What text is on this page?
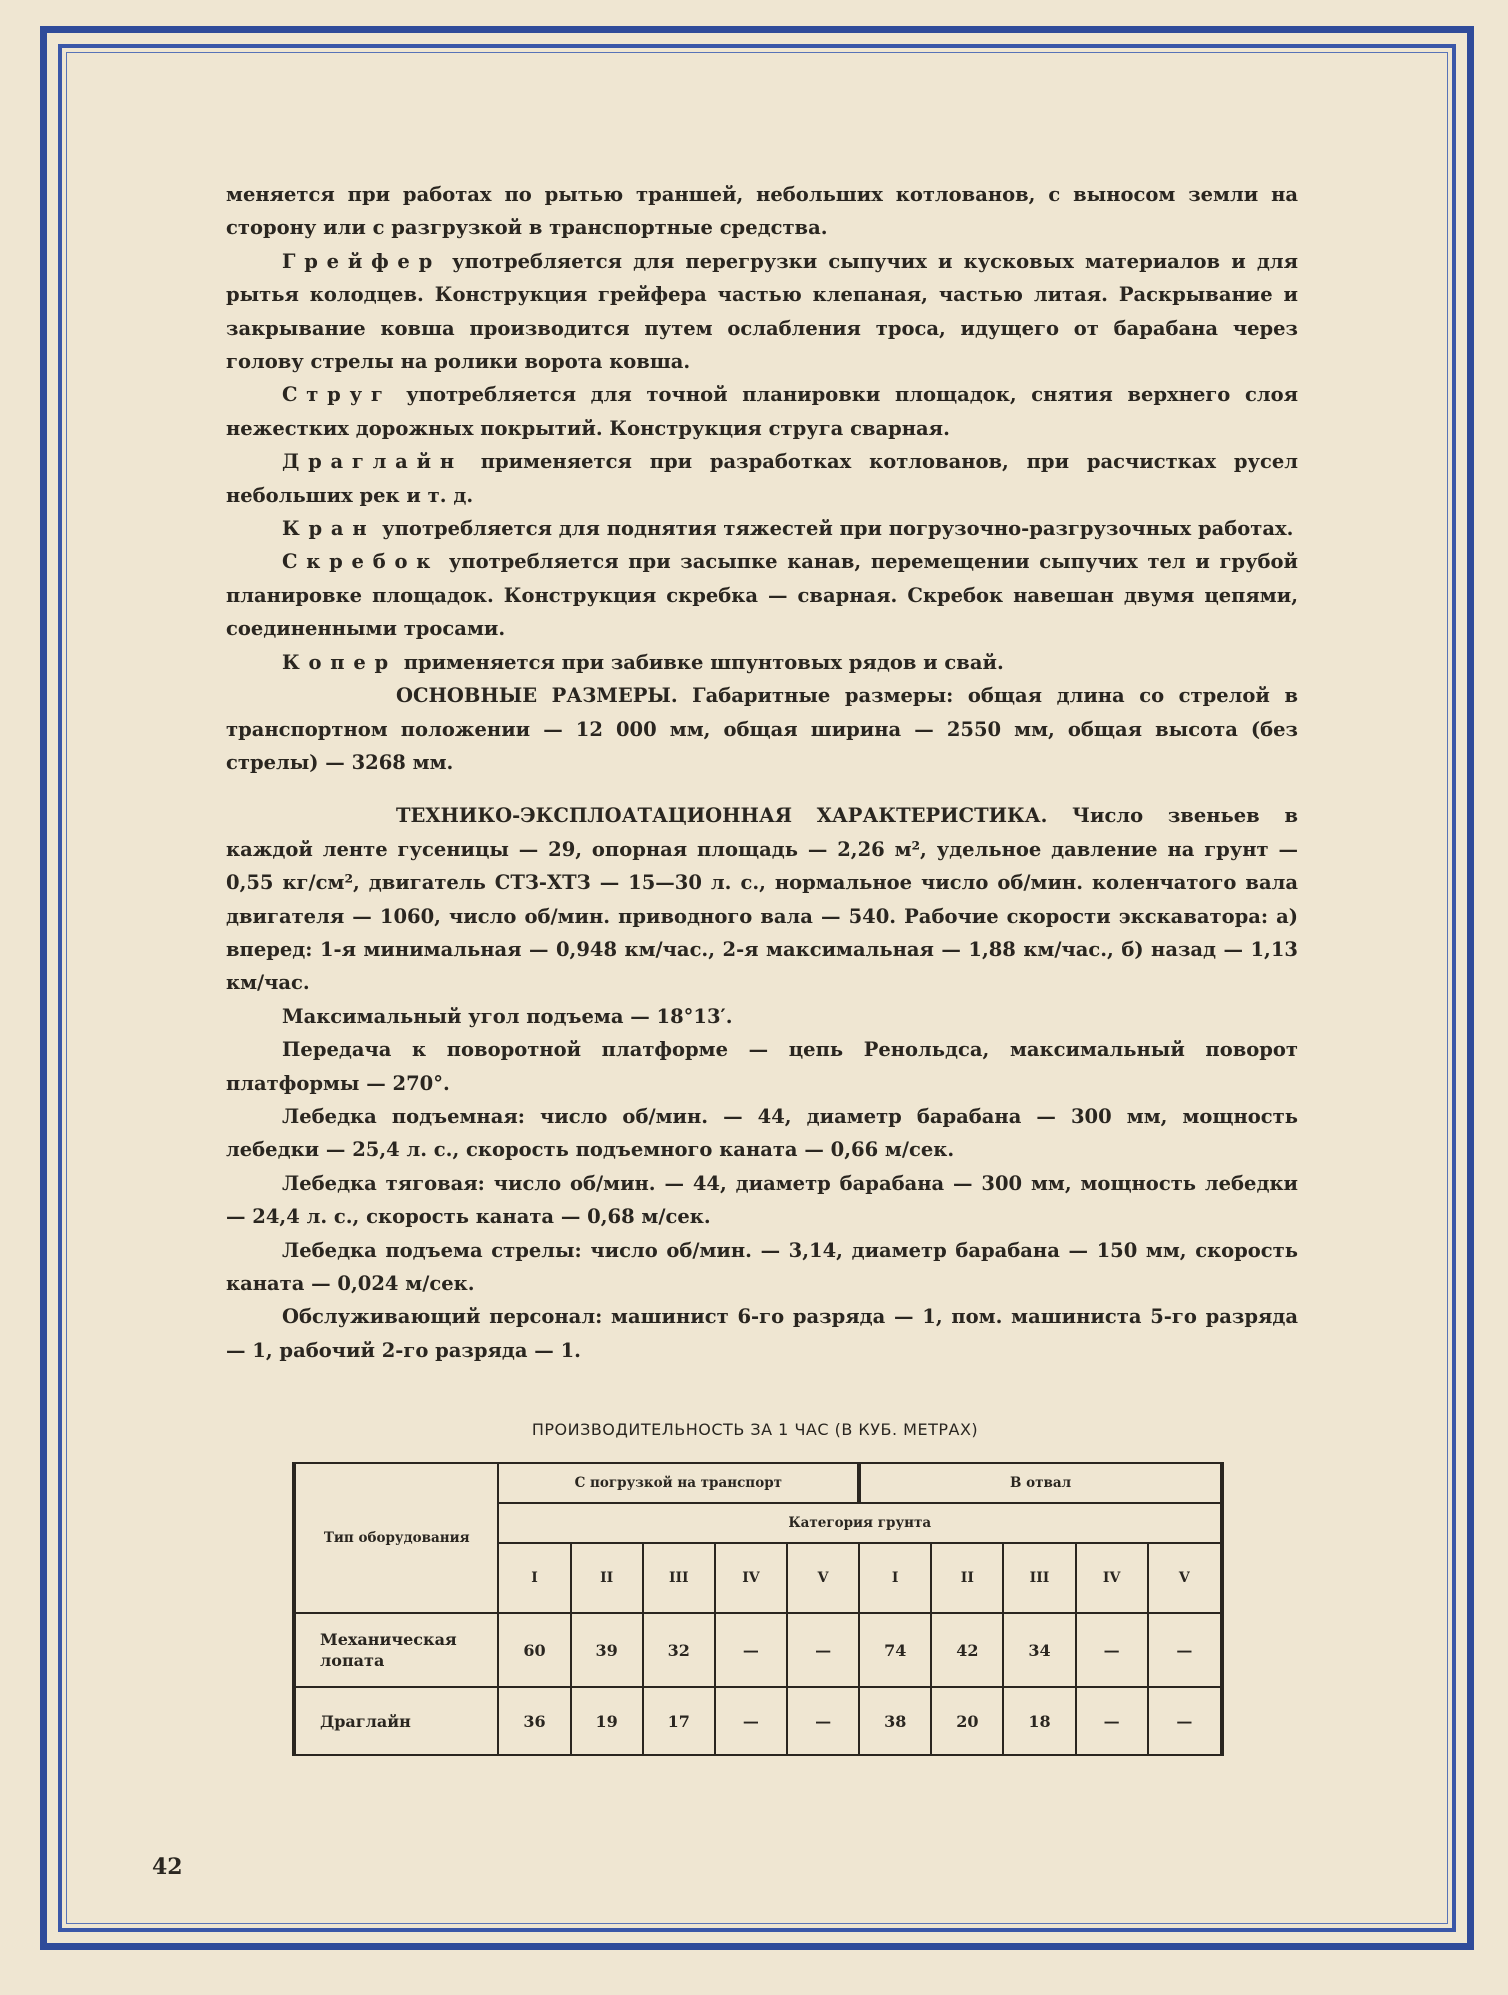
меняется при работах по рытью траншей, небольших котлованов, с выносом земли на сторону или с разгрузкой в транспортные средства.

Грейфер употребляется для перегрузки сыпучих и кусковых материалов и для рытья колодцев. Конструкция грейфера частью клепаная, частью литая. Раскрывание и закрывание ковша производится путем ослабления троса, идущего от барабана через голову стрелы на ролики ворота ковша.

Струг употребляется для точной планировки площадок, снятия верхнего слоя нежестких дорожных покрытий. Конструкция струга сварная.

Драглайн применяется при разработках котлованов, при расчистках русел небольших рек и т. д.

Кран употребляется для поднятия тяжестей при погрузочно-разгрузочных работах.

Скребок употребляется при засыпке канав, перемещении сыпучих тел и грубой планировке площадок. Конструкция скребка — сварная. Скребок навешан двумя цепями, соединенными тросами.

Копер применяется при забивке шпунтовых рядов и свай.

ОСНОВНЫЕ РАЗМЕРЫ. Габаритные размеры: общая длина со стрелой в транспортном положении — 12 000 мм, общая ширина — 2550 мм, общая высота (без стрелы) — 3268 мм.

ТЕХНИКО-ЭКСПЛОАТАЦИОННАЯ ХАРАКТЕРИСТИКА. Число звеньев в каждой ленте гусеницы — 29, опорная площадь — 2,26 м², удельное давление на грунт — 0,55 кг/см², двигатель СТЗ-ХТЗ — 15—30 л. с., нормальное число об/мин. коленчатого вала двигателя — 1060, число об/мин. приводного вала — 540. Рабочие скорости экскаватора: а) вперед: 1-я минимальная — 0,948 км/час., 2-я максимальная — 1,88 км/час., б) назад — 1,13 км/час.

Максимальный угол подъема — 18°13′.

Передача к поворотной платформе — цепь Ренольдса, максимальный поворот платформы — 270°.

Лебедка подъемная: число об/мин. — 44, диаметр барабана — 300 мм, мощность лебедки — 25,4 л. с., скорость подъемного каната — 0,66 м/сек.

Лебедка тяговая: число об/мин. — 44, диаметр барабана — 300 мм, мощность лебедки — 24,4 л. с., скорость каната — 0,68 м/сек.

Лебедка подъема стрелы: число об/мин. — 3,14, диаметр барабана — 150 мм, скорость каната — 0,024 м/сек.

Обслуживающий персонал: машинист 6-го разряда — 1, пом. машиниста 5-го разряда — 1, рабочий 2-го разряда — 1.

ПРОИЗВОДИТЕЛЬНОСТЬ ЗА 1 ЧАС (В КУБ. МЕТРАХ)
Тип оборудования	С погрузкой на транспорт					В отвал				
	Категория грунта									
	I	II	III	IV	V	I	II	III	IV	V
Механическая лопата	60	39	32	—	—	74	42	34	—	—
Драглайн	36	19	17	—	—	38	20	18	—	—
42
